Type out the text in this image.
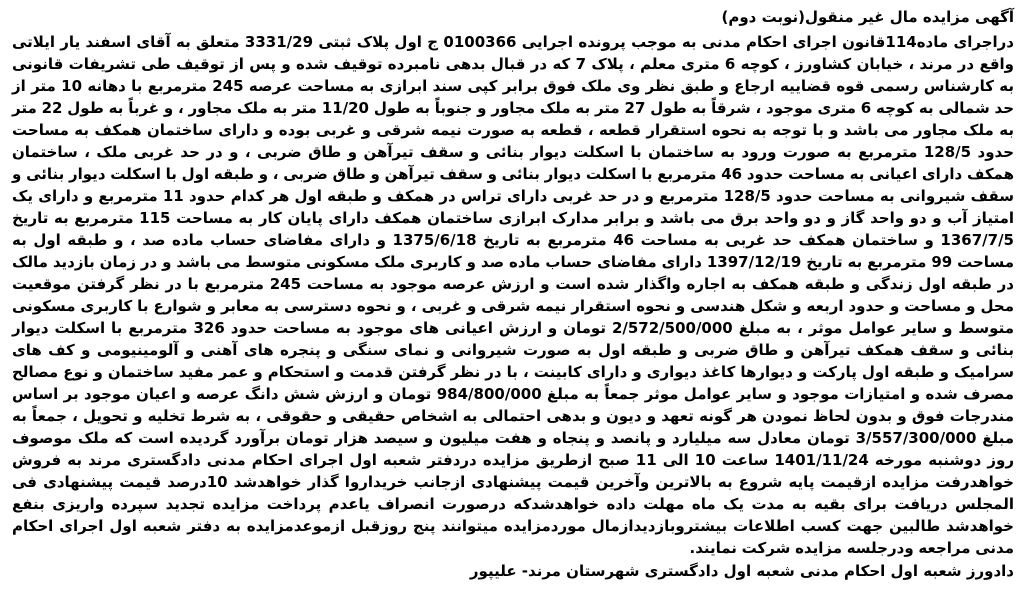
آگهی مزایده مال غیر منقول(نوبت دوم)

دراجرای ماده114قانون اجرای احکام مدنی به موجب پرونده اجرایی 0100366 ج اول پلاک ثبتی 3331/29 متعلق به آقای اسفند یار ایلاتی واقع در مرند ، خیابان کشاورز ، کوچه 6 متری معلم ، پلاک 7 که در قبال بدهی نامبرده توقیف شده و پس از توقیف طی تشریفات قانونی به کارشناس رسمی قوه قضاییه ارجاع و طبق نظر وی ملک فوق برابر کپی سند ابرازی به مساحت عرصه 245 مترمربع با دهانه 10 متر از حد شمالی به کوچه 6 متری موجود ، شرقاً به طول 27 متر به ملک مجاور و جنوباً به طول 11/20 متر به ملک مجاور ، و غرباً به طول 22 متر به ملک مجاور می باشد و با توجه به نحوه استقرار قطعه ، قطعه به صورت نیمه شرقی و غربی بوده و دارای ساختمان همکف به مساحت حدود 128/5 مترمربع به صورت ورود به ساختمان با اسکلت دیوار بنائی و سقف تیرآهن و طاق ضربی ، و در حد غربی ملک ، ساختمان همکف دارای اعیانی به مساحت حدود 46 مترمربع با اسکلت دیوار بنائی و سقف تیرآهن و طاق ضربی ، و طبقه اول با اسکلت دیوار بنائی و سقف شیروانی به مساحت حدود 128/5 مترمربع و در حد غربی دارای تراس در همکف و طبقه اول هر کدام حدود 11 مترمربع و دارای یک امتیاز آب و دو واحد گاز و دو واحد برق می باشد و برابر مدارک ابرازی ساختمان همکف دارای پایان کار به مساحت 115 مترمربع به تاریخ 1367/7/5 و ساختمان همکف حد غربی به مساحت 46 مترمربع به تاریخ 1375/6/18 و دارای مفاضای حساب ماده صد ، و طبقه اول به مساحت 99 مترمربع به تاریخ 1397/12/19 دارای مفاضای حساب ماده صد و کاربری ملک مسکونی متوسط می باشد و در زمان بازدید مالک در طبقه اول زندگی و طبقه همکف به اجاره واگذار شده است و ارزش عرصه موجود به مساحت 245 مترمربع با در نظر گرفتن موقعیت محل و مساحت و حدود اربعه و شکل هندسی و نحوه استقرار نیمه شرقی و غربی ، و نحوه دسترسی به معابر و شوارع با کاربری مسکونی متوسط و سایر عوامل موثر ، به مبلغ 2/572/500/000 تومان و ارزش اعیانی های موجود به مساحت حدود 326 مترمربع با اسکلت دیوار بنائی و سقف همکف تیرآهن و طاق ضربی و طبقه اول به صورت شیروانی و نمای سنگی و پنجره های آهنی و آلومینیومی و کف های سرامیک و طبقه اول پارکت و دیوارها کاغذ دیواری و دارای کابینت ، با در نظر گرفتن قدمت و استحکام و عمر مفید ساختمان و نوع مصالح مصرف شده و امتیازات موجود و سایر عوامل موثر جمعاً به مبلغ 984/800/000 تومان و ارزش شش دانگ عرصه و اعیان موجود بر اساس مندرجات فوق و بدون لحاظ نمودن هر گونه تعهد و دیون و بدهی احتمالی به اشخاص حقیقی و حقوقی ، به شرط تخلیه و تحویل ، جمعاً به مبلغ 3/557/300/000 تومان معادل سه میلیارد و پانصد و پنجاه و هفت میلیون و سیصد هزار تومان برآورد گردیده است که ملک موصوف روز دوشنبه مورخه 1401/11/24 ساعت 10 الی 11 صبح ازطریق مزایده دردفتر شعبه اول اجرای احکام مدنی دادگستری مرند به فروش خواهدرفت مزایده ازقیمت پایه شروع به بالاترین وآخرین قیمت پیشنهادی ازجانب خریداروا گذار خواهدشد 10درصد قیمت پیشنهادی فی المجلس دریافت برای بقیه به مدت یک ماه مهلت داده خواهدشدکه درصورت انصراف یاعدم پرداخت مزایده تجدید سپرده واریزی بنفع خواهدشد طالبین جهت کسب اطلاعات بیشتروبازدیدازمال موردمزایده میتوانند پنج روزقبل ازموعدمزایده به دفتر شعبه اول اجرای احکام مدنی مراجعه ودرجلسه مزایده شرکت نمایند.

دادورز شعبه اول احکام مدنی شعبه اول دادگستری شهرستان مرند- علیپور
